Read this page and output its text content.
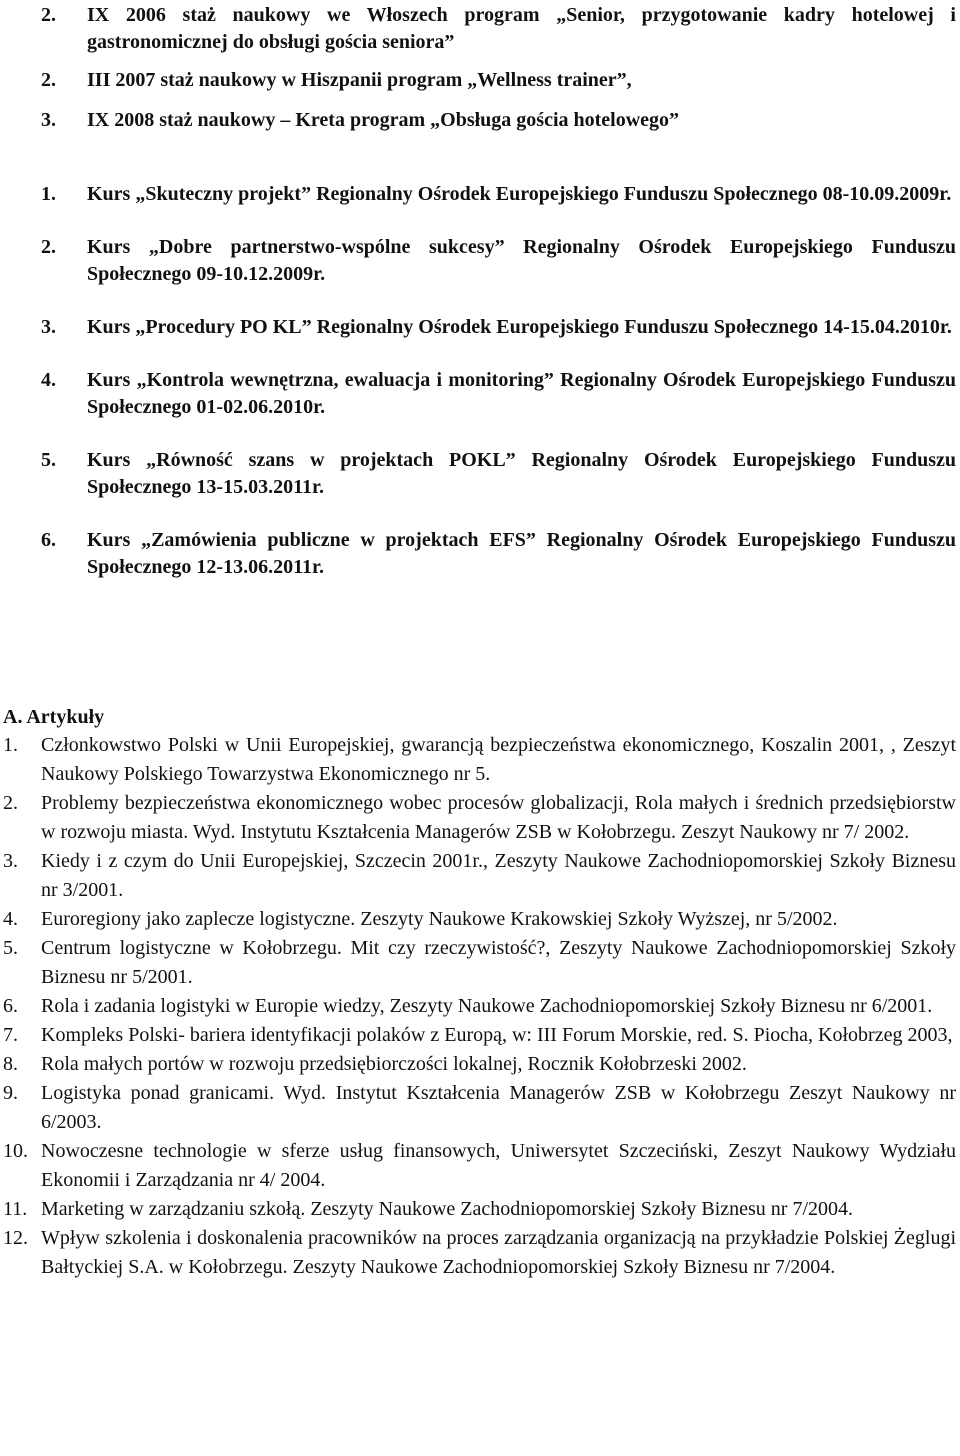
2.	IX 2006 staż naukowy we Włoszech program „Senior, przygotowanie kadry hotelowej i gastronomicznej do obsługi gościa seniora”
2.	III 2007 staż naukowy w Hiszpanii program „Wellness trainer”,
3.	IX 2008 staż naukowy – Kreta program „Obsługa gościa hotelowego”
1.	Kurs „Skuteczny projekt” Regionalny Ośrodek Europejskiego Funduszu Społecznego 08-10.09.2009r.
2.	Kurs „Dobre partnerstwo-wspólne sukcesy” Regionalny Ośrodek Europejskiego Funduszu Społecznego 09-10.12.2009r.
3.	Kurs „Procedury PO KL” Regionalny Ośrodek Europejskiego Funduszu Społecznego 14-15.04.2010r.
4.	Kurs „Kontrola wewnętrzna, ewaluacja i monitoring” Regionalny Ośrodek Europejskiego Funduszu Społecznego 01-02.06.2010r.
5.	Kurs „Równość szans w projektach POKL” Regionalny Ośrodek Europejskiego Funduszu Społecznego 13-15.03.2011r.
6.	Kurs „Zamówienia publiczne w projektach EFS” Regionalny Ośrodek Europejskiego Funduszu Społecznego 12-13.06.2011r.
A. Artykuły
1.	Członkowstwo Polski w Unii Europejskiej, gwarancją bezpieczeństwa ekonomicznego, Koszalin 2001, , Zeszyt Naukowy Polskiego Towarzystwa Ekonomicznego nr 5.
2.	Problemy bezpieczeństwa ekonomicznego wobec procesów globalizacji, Rola małych i średnich przedsiębiorstw w rozwoju miasta. Wyd. Instytutu Kształcenia Managerów ZSB w Kołobrzegu. Zeszyt Naukowy nr 7/ 2002.
3.	Kiedy i z czym do Unii Europejskiej, Szczecin 2001r., Zeszyty Naukowe Zachodniopomorskiej Szkoły Biznesu nr 3/2001.
4.	Euroregiony jako zaplecze logistyczne. Zeszyty Naukowe Krakowskiej Szkoły Wyższej, nr 5/2002.
5.	Centrum logistyczne w Kołobrzegu. Mit czy rzeczywistość?, Zeszyty Naukowe Zachodniopomorskiej Szkoły Biznesu nr 5/2001.
6.	Rola i zadania logistyki w Europie wiedzy, Zeszyty Naukowe Zachodniopomorskiej Szkoły Biznesu nr 6/2001.
7.	Kompleks Polski- bariera identyfikacji polaków z Europą, w: III Forum Morskie, red. S. Piocha, Kołobrzeg 2003,
8.	Rola małych portów w rozwoju przedsiębiorczości lokalnej, Rocznik Kołobrzeski 2002.
9.	Logistyka ponad granicami. Wyd. Instytut Kształcenia Managerów ZSB w Kołobrzegu Zeszyt Naukowy nr 6/2003.
10. Nowoczesne technologie w sferze usług finansowych, Uniwersytet Szczeciński, Zeszyt Naukowy Wydziału Ekonomii i Zarządzania nr 4/ 2004.
11. Marketing w zarządzaniu szkołą. Zeszyty Naukowe Zachodniopomorskiej Szkoły Biznesu nr 7/2004.
12. Wpływ szkolenia i doskonalenia pracowników na proces zarządzania organizacją na przykładzie Polskiej Żeglugi Bałtyckiej S.A. w Kołobrzegu. Zeszyty Naukowe Zachodniopomorskiej Szkoły Biznesu nr 7/2004.
